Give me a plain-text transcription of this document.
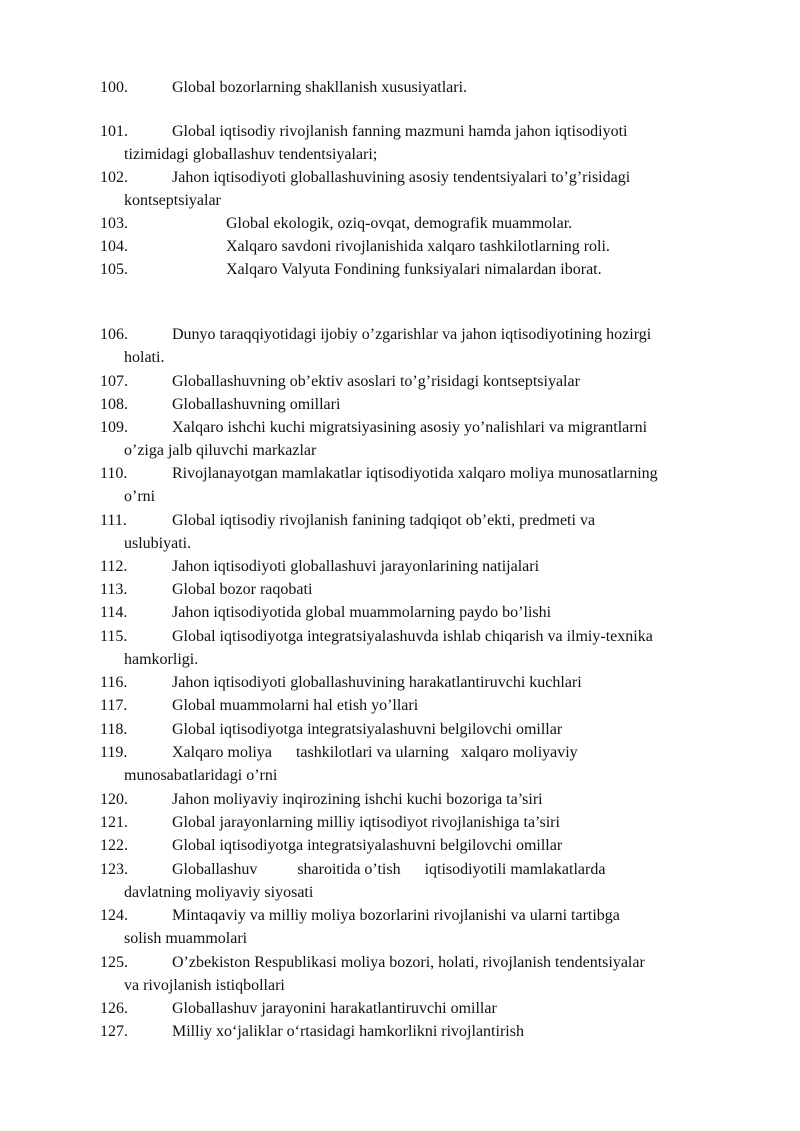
100.	Global bozorlarning shakllanish xususiyatlari.
101.	Global iqtisodiy rivojlanish fanning mazmuni hamda jahon iqtisodiyoti
tizimidagi globallashuv tendentsiyalari;
102.	Jahon iqtisodiyoti globallashuvining asosiy tendentsiyalari to’g’risidagi
kontseptsiyalar
103.	Global ekologik, oziq-ovqat, demografik muammolar.
104.	Xalqaro savdoni rivojlanishida xalqaro tashkilotlarning roli.
105.	Xalqaro Valyuta Fondining funksiyalari nimalardan iborat.
106.	Dunyo taraqqiyotidagi ijobiy o’zgarishlar va jahon iqtisodiyotining hozirgi
holati.
107.	Globallashuvning ob’ektiv asoslari to’g’risidagi kontseptsiyalar
108.	Globallashuvning omillari
109.	Xalqaro ishchi kuchi migratsiyasining asosiy yo’nalishlari va migrantlarni
o’ziga jalb qiluvchi markazlar
110.	Rivojlanayotgan mamlakatlar iqtisodiyotida xalqaro moliya munosatlarning
o’rni
111.	Global iqtisodiy rivojlanish fanining tadqiqot ob’ekti, predmeti va
uslubiyati.
112.	Jahon iqtisodiyoti globallashuvi jarayonlarining natijalari
113.	Global bozor raqobati
114.	Jahon iqtisodiyotida global muammolarning paydo bo’lishi
115.	Global iqtisodiyotga integratsiyalashuvda ishlab chiqarish va ilmiy-texnika
hamkorligi.
116.	Jahon iqtisodiyoti globallashuvining harakatlantiruvchi kuchlari
117.	Global muammolarni hal etish yo’llari
118.	Global iqtisodiyotga integratsiyalashuvni belgilovchi omillar
119.	Xalqaro moliya      tashkilotlari va ularning   xalqaro moliyaviy
munosabatlaridagi o’rni
120.	Jahon moliyaviy inqirozining ishchi kuchi bozoriga ta’siri
121.	Global jarayonlarning milliy iqtisodiyot rivojlanishiga ta’siri
122.	Global iqtisodiyotga integratsiyalashuvni belgilovchi omillar
123.	Globallashuv          sharoitida o’tish      iqtisodiyotili mamlakatlarda
davlatning moliyaviy siyosati
124.	Mintaqaviy va milliy moliya bozorlarini rivojlanishi va ularni tartibga
solish muammolari
125.	O’zbekiston Respublikasi moliya bozori, holati, rivojlanish tendentsiyalar
va rivojlanish istiqbollari
126.	Globallashuv jarayonini harakatlantiruvchi omillar
127.	Milliy xo‘jaliklar o‘rtasidagi hamkorlikni rivojlantirish
